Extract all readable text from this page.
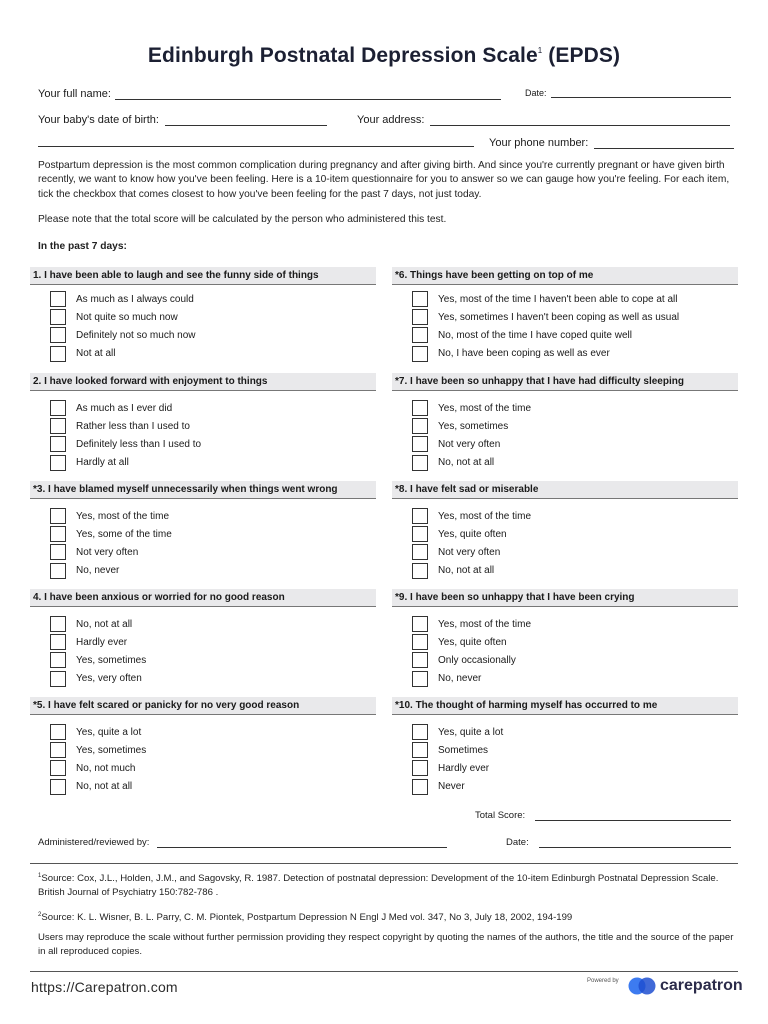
Edinburgh Postnatal Depression Scale$^1$ (EPDS)
Your full name:	Date:
Your baby's date of birth:	Your address:
Your phone number:
Postpartum depression is the most common complication during pregnancy and after giving birth. And since you're currently pregnant or have given birth recently, we want to know how you've been feeling. Here is a 10-item questionnaire for you to answer so we can gauge how you're feeling. For each item, tick the checkbox that comes closest to how you've been feeling for the past 7 days, not just today.
Please note that the total score will be calculated by the person who administered this test.
In the past 7 days:
1. I have been able to laugh and see the funny side of things
As much as I always could
Not quite so much now
Definitely not so much now
Not at all
*6. Things have been getting on top of me
Yes, most of the time I haven't been able to cope at all
Yes, sometimes I haven't been coping as well as usual
No, most of the time I have coped quite well
No, I have been coping as well as ever
2. I have looked forward with enjoyment to things
As much as I ever did
Rather less than I used to
Definitely less than I used to
Hardly at all
*7. I have been so unhappy that I have had difficulty sleeping
Yes, most of the time
Yes, sometimes
Not very often
No, not at all
*3. I have blamed myself unnecessarily when things went wrong
Yes, most of the time
Yes, some of the time
Not very often
No, never
*8. I have felt sad or miserable
Yes, most of the time
Yes, quite often
Not very often
No, not at all
4. I have been anxious or worried for no good reason
No, not at all
Hardly ever
Yes, sometimes
Yes, very often
*9. I have been so unhappy that I have been crying
Yes, most of the time
Yes, quite often
Only occasionally
No, never
*5. I have felt scared or panicky for no very good reason
Yes, quite a lot
Yes, sometimes
No, not much
No, not at all
*10. The thought of harming myself has occurred to me
Yes, quite a lot
Sometimes
Hardly ever
Never
Total Score:
Administered/reviewed by:	Date:
$^1$Source: Cox, J.L., Holden, J.M., and Sagovsky, R. 1987. Detection of postnatal depression: Development of the 10-item Edinburgh Postnatal Depression Scale. British Journal of Psychiatry 150:782-786 .
$^2$Source: K. L. Wisner, B. L. Parry, C. M. Piontek, Postpartum Depression N Engl J Med vol. 347, No 3, July 18, 2002, 194-199
Users may reproduce the scale without further permission providing they respect copyright by quoting the names of the authors, the title and the source of the paper in all reproduced copies.
https://Carepatron.com	Powered by	carepatron
